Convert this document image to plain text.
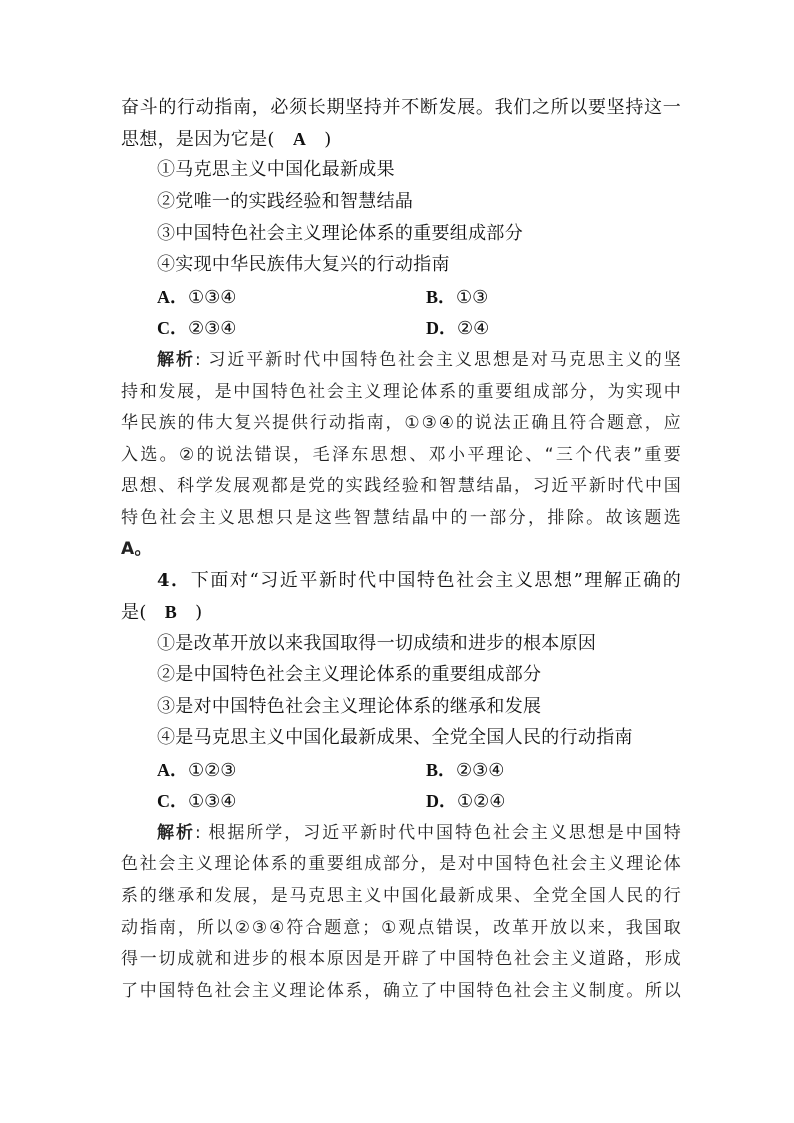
奋斗的行动指南，必须长期坚持并不断发展。我们之所以要坚持这一
思想，是因为它是( A )
①马克思主义中国化最新成果
②党唯一的实践经验和智慧结晶
③中国特色社会主义理论体系的重要组成部分
④实现中华民族伟大复兴的行动指南
A．①③④	B．①③
C．②③④	D．②④
解析: 习近平新时代中国特色社会主义思想是对马克思主义的坚
持和发展，是中国特色社会主义理论体系的重要组成部分，为实现中
华民族的伟大复兴提供行动指南，①③④的说法正确且符合题意，应
入选。②的说法错误，毛泽东思想、邓小平理论、“三个代表”重要
思想、科学发展观都是党的实践经验和智慧结晶，习近平新时代中国
特色社会主义思想只是这些智慧结晶中的一部分，排除。故该题选
A。
4．下面对“习近平新时代中国特色社会主义思想”理解正确的
是( B )
①是改革开放以来我国取得一切成绩和进步的根本原因
②是中国特色社会主义理论体系的重要组成部分
③是对中国特色社会主义理论体系的继承和发展
④是马克思主义中国化最新成果、全党全国人民的行动指南
A．①②③	B．②③④
C．①③④	D．①②④
解析: 根据所学，习近平新时代中国特色社会主义思想是中国特
色社会主义理论体系的重要组成部分，是对中国特色社会主义理论体
系的继承和发展，是马克思主义中国化最新成果、全党全国人民的行
动指南，所以②③④符合题意；①观点错误，改革开放以来，我国取
得一切成就和进步的根本原因是开辟了中国特色社会主义道路，形成
了中国特色社会主义理论体系，确立了中国特色社会主义制度。所以
